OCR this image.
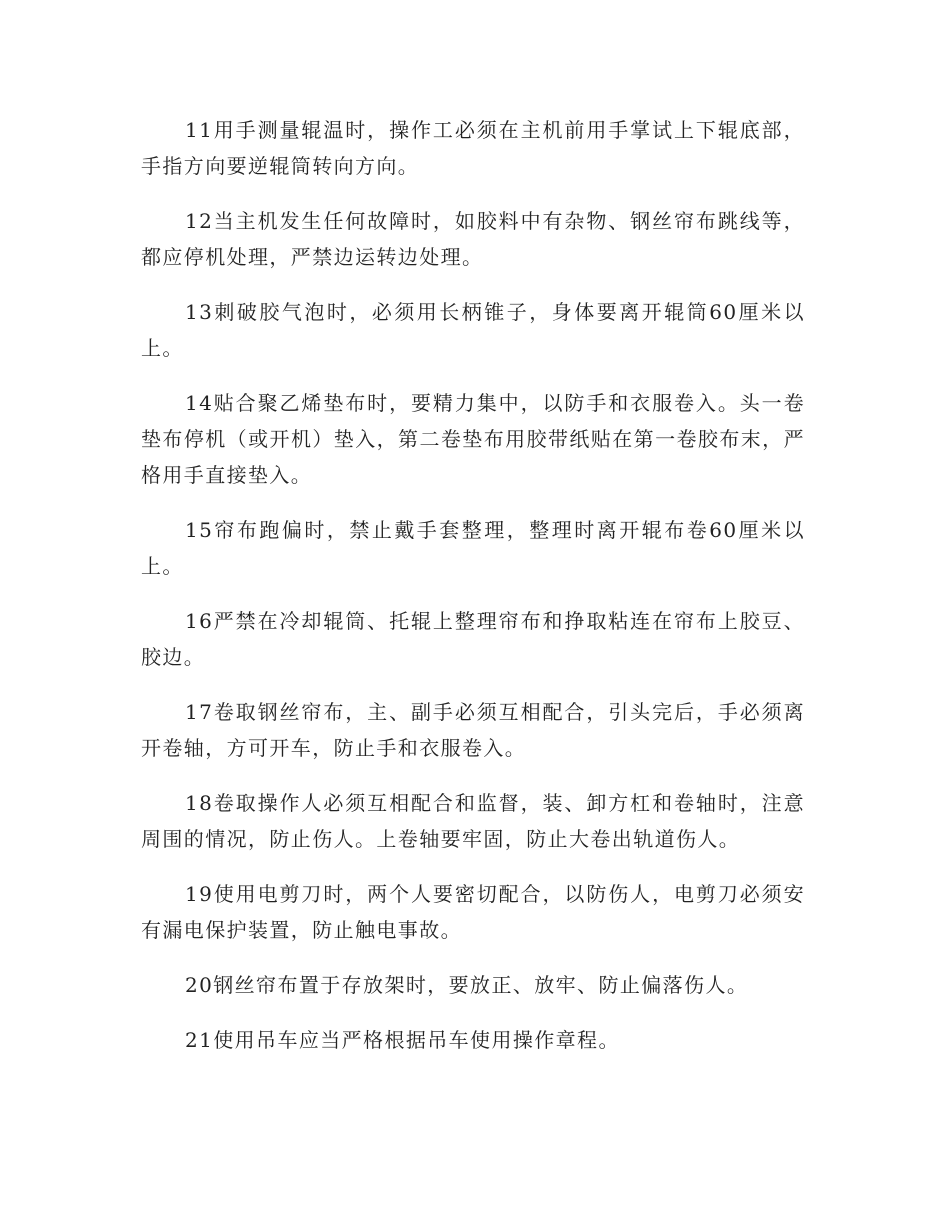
11用手测量辊温时，操作工必须在主机前用手掌试上下辊底部，手指方向要逆辊筒转向方向。

12当主机发生任何故障时，如胶料中有杂物、钢丝帘布跳线等，都应停机处理，严禁边运转边处理。

13刺破胶气泡时，必须用长柄锥子，身体要离开辊筒60厘米以上。

14贴合聚乙烯垫布时，要精力集中，以防手和衣服卷入。头一卷垫布停机（或开机）垫入，第二卷垫布用胶带纸贴在第一卷胶布末，严格用手直接垫入。

15帘布跑偏时，禁止戴手套整理，整理时离开辊布卷60厘米以上。

16严禁在冷却辊筒、托辊上整理帘布和挣取粘连在帘布上胶豆、胶边。

17卷取钢丝帘布，主、副手必须互相配合，引头完后，手必须离开卷轴，方可开车，防止手和衣服卷入。

18卷取操作人必须互相配合和监督，装、卸方杠和卷轴时，注意周围的情况，防止伤人。上卷轴要牢固，防止大卷出轨道伤人。

19使用电剪刀时，两个人要密切配合，以防伤人，电剪刀必须安有漏电保护装置，防止触电事故。

20钢丝帘布置于存放架时，要放正、放牢、防止偏落伤人。

21使用吊车应当严格根据吊车使用操作章程。
